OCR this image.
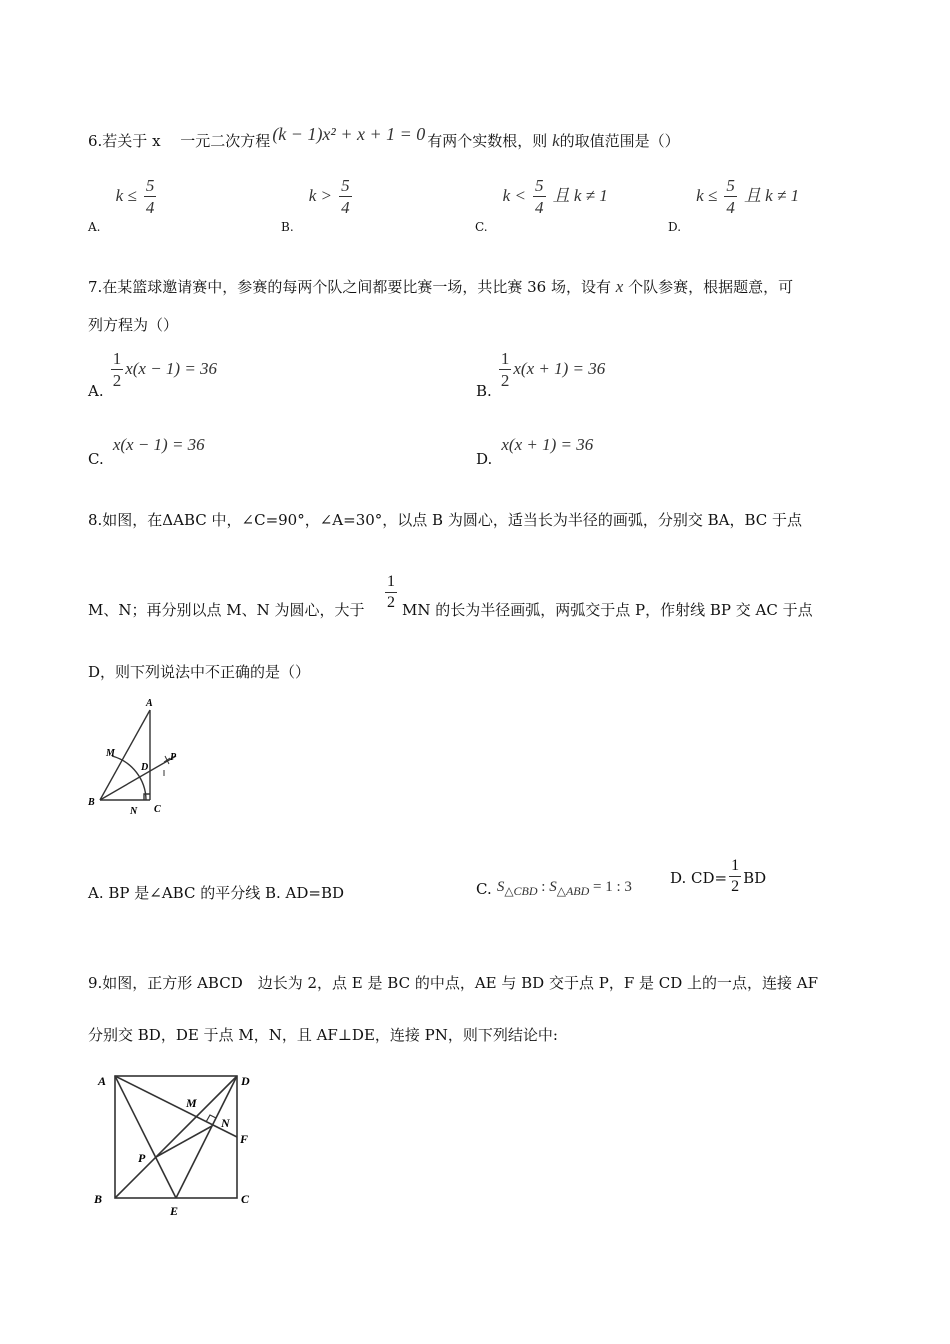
6.若关于 x 　一元二次方程 (k − 1)x² + x + 1 = 0 有两个实数根，则 k的取值范围是（）
$_{A.}$ $k \le \frac{5}{4}$
$_{B.}$ $k > \frac{5}{4}$
$_{C.}$ $k < \frac{5}{4}$ 且 k ≠ 1
$_{D.}$ $k \le \frac{5}{4}$ 且 k ≠ 1
7.在某篮球邀请赛中，参赛的每两个队之间都要比赛一场，共比赛 36 场，设有 x 个队参赛，根据题意，可
列方程为（）
A.
$\frac{1}{2} x(x - 1) = 36$
B.
$\frac{1}{2} x(x + 1) = 36$
C. x(x − 1) = 36
D. x(x + 1) = 36
8.如图，在ΔABC 中，∠C=90°，∠A=30°，以点 B 为圆心，适当长为半径的画弧，分别交 BA，BC 于点
M、N；再分别以点 M、N 为圆心，大于 $\frac{1}{2}$ MN 的长为半径画弧，两弧交于点 P，作射线 BP 交 AC 于点
D，则下列说法中不正确的是（）
A
M	P
D
B
N C
A. BP 是∠ABC 的平分线 B. AD=BD	C. $S_{\triangle CBD}$ : $S_{\triangle ABD} = 1$ : 3	D. $CD= \frac{1}{2}$ BD
9.如图，正方形 ABCD　边长为 2，点 E 是 BC 的中点，AE 与 BD 交于点 P，F 是 CD 上的一点，连接 AF
分别交 BD，DE 于点 M，N，且 AF⊥DE，连接 PN，则下列结论中:
A	D
M
N
F
P
B
E
C
